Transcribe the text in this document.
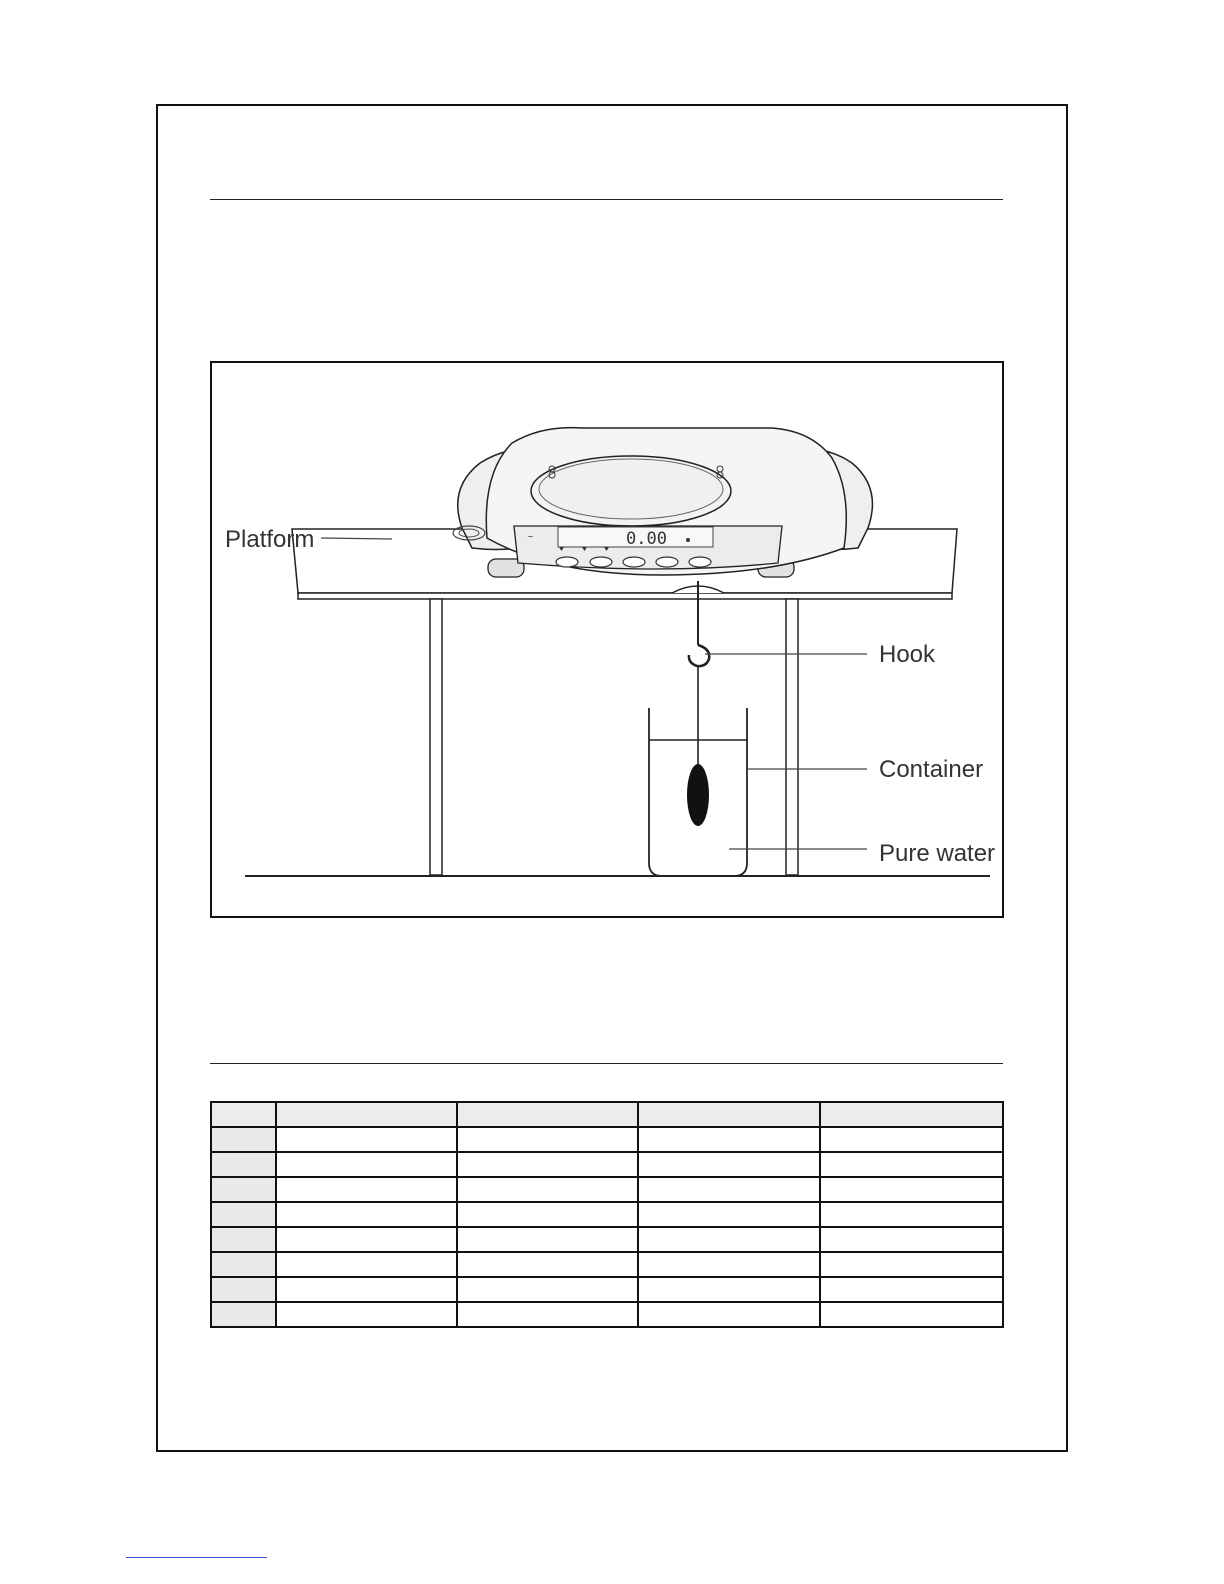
0.00
~
Platform
Hook
Container
Pure water
